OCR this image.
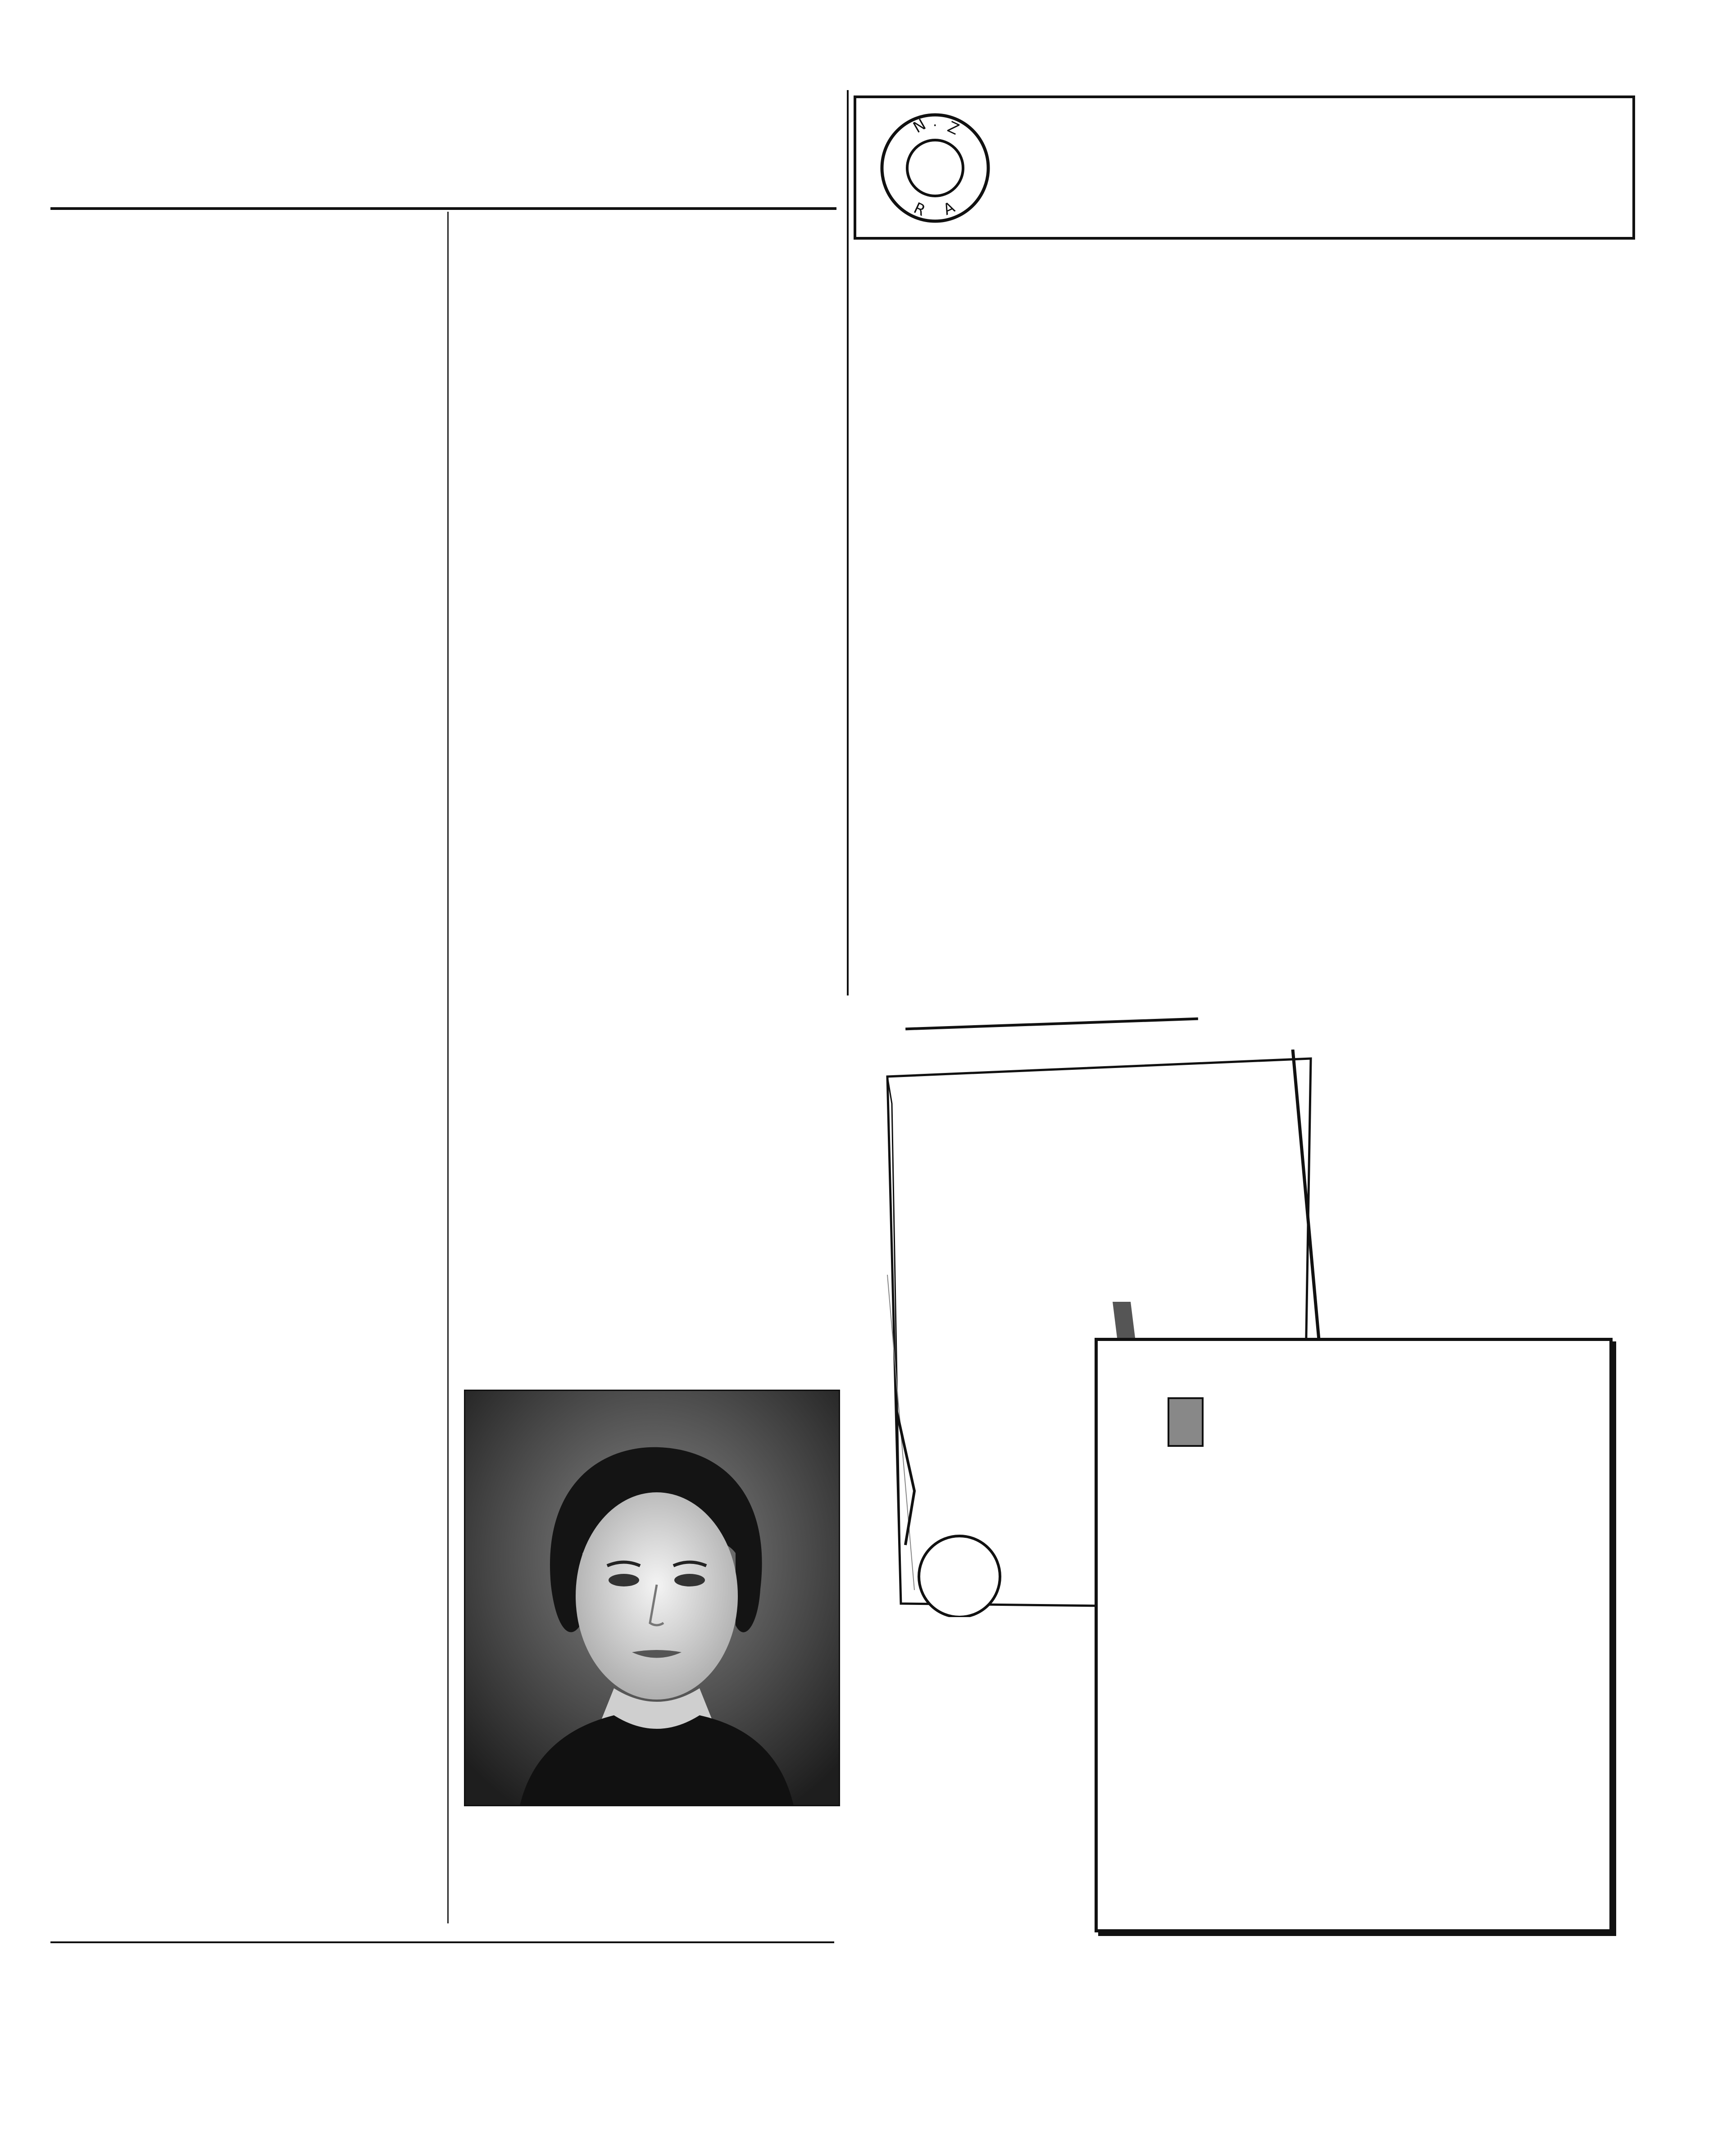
N . Z
R A
